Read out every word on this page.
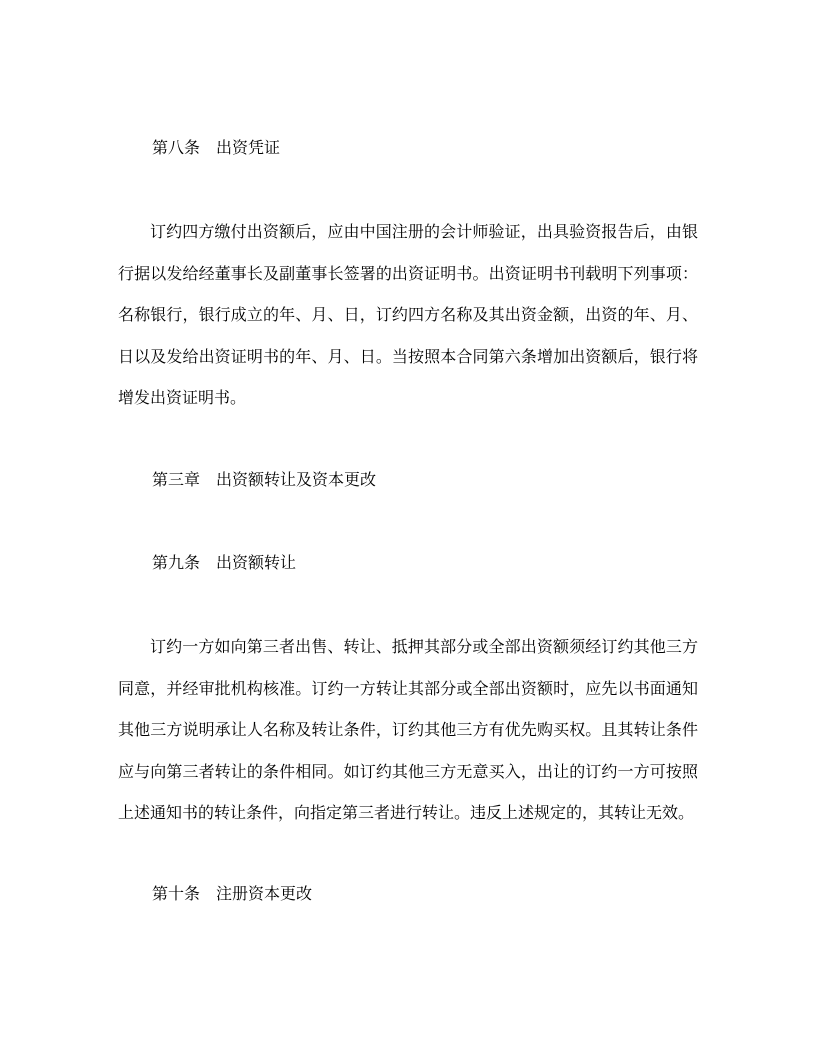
第八条　出资凭证

订约四方缴付出资额后，应由中国注册的会计师验证，出具验资报告后，由银行据以发给经董事长及副董事长签署的出资证明书。出资证明书刊载明下列事项：名称银行，银行成立的年、月、日，订约四方名称及其出资金额，出资的年、月、日以及发给出资证明书的年、月、日。当按照本合同第六条增加出资额后，银行将增发出资证明书。

第三章　出资额转让及资本更改
第九条　出资额转让

订约一方如向第三者出售、转让、抵押其部分或全部出资额须经订约其他三方同意，并经审批机构核准。订约一方转让其部分或全部出资额时，应先以书面通知其他三方说明承让人名称及转让条件，订约其他三方有优先购买权。且其转让条件应与向第三者转让的条件相同。如订约其他三方无意买入，出让的订约一方可按照上述通知书的转让条件，向指定第三者进行转让。违反上述规定的，其转让无效。

第十条　注册资本更改
